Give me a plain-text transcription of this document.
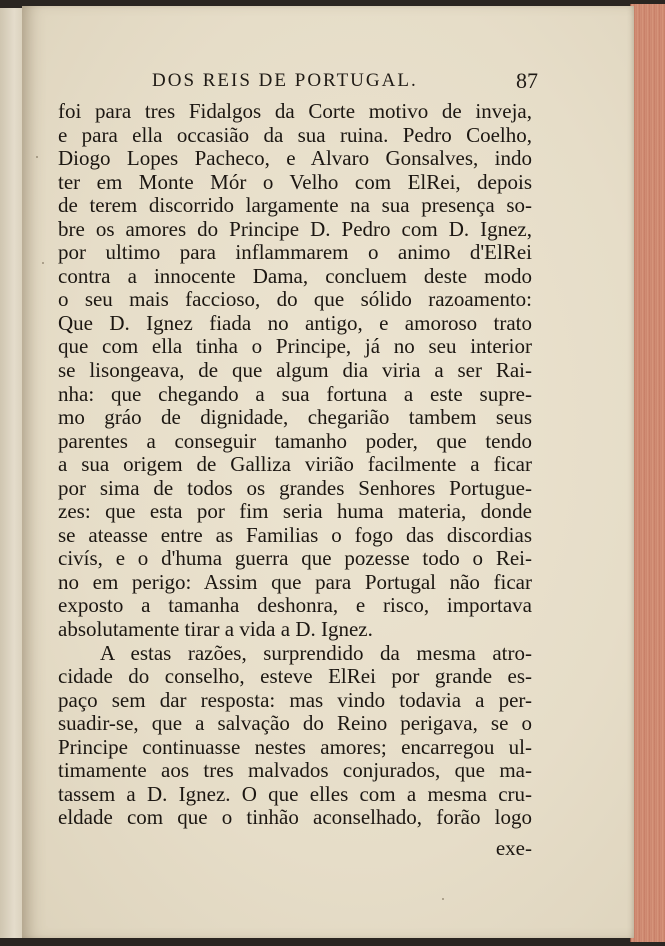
DOS REIS DE PORTUGAL.	87
foi para tres Fidalgos da Corte motivo de inveja,
e para ella occasião da sua ruina. Pedro Coelho,
Diogo Lopes Pacheco, e Alvaro Gonsalves, indo
ter em Monte Mór o Velho com ElRei, depois
de terem discorrido largamente na sua presença so-
bre os amores do Principe D. Pedro com D. Ignez,
por ultimo para inflammarem o animo d'ElRei
contra a innocente Dama, concluem deste modo
o seu mais faccioso, do que sólido razoamento:
Que D. Ignez fiada no antigo, e amoroso trato
que com ella tinha o Principe, já no seu interior
se lisongeava, de que algum dia viria a ser Rai-
nha: que chegando a sua fortuna a este supre-
mo gráo de dignidade, chegarião tambem seus
parentes a conseguir tamanho poder, que tendo
a sua origem de Galliza virião facilmente a ficar
por sima de todos os grandes Senhores Portugue-
zes: que esta por fim seria huma materia, donde
se ateasse entre as Familias o fogo das discordias
civís, e o d'huma guerra que pozesse todo o Rei-
no em perigo: Assim que para Portugal não ficar
exposto a tamanha deshonra, e risco, importava
absolutamente tirar a vida a D. Ignez.
A estas razões, surprendido da mesma atro-
cidade do conselho, esteve ElRei por grande es-
paço sem dar resposta: mas vindo todavia a per-
suadir-se, que a salvação do Reino perigava, se o
Principe continuasse nestes amores; encarregou ul-
timamente aos tres malvados conjurados, que ma-
tassem a D. Ignez. O que elles com a mesma cru-
eldade com que o tinhão aconselhado, forão logo
exe-
